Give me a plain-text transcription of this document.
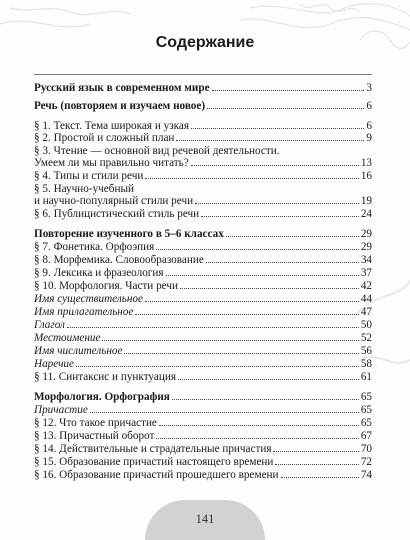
Содержание
Русский язык в современном мире	3
Речь (повторяем и изучаем новое)	6
§ 1. Текст. Тема широкая и узкая	6
§ 2. Простой и сложный план	9
§ 3. Чтение — основной вид речевой деятельности.
Умеем ли мы правильно читать?	13
§ 4. Типы и стили речи	16
§ 5. Научно-учебный
и научно-популярный стили речи	19
§ 6. Публицистический стиль речи	24
Повторение изученного в 5–6 классах	29
§ 7. Фонетика. Орфоэпия	29
§ 8. Морфемика. Словообразование	34
§ 9. Лексика и фразеология	37
§ 10. Морфология. Части речи	42
Имя существительное	44
Имя прилагательное	47
Глагол	50
Местоимение	52
Имя числительное	56
Наречие	58
§ 11. Синтаксис и пунктуация	61
Морфология. Орфография	65
Причастие	65
§ 12. Что такое причастие	65
§ 13. Причастный оборот	67
§ 14. Действительные и страдательные причастия	70
§ 15. Образование причастий настоящего времени	72
§ 16. Образование причастий прошедшего времени	74
141
